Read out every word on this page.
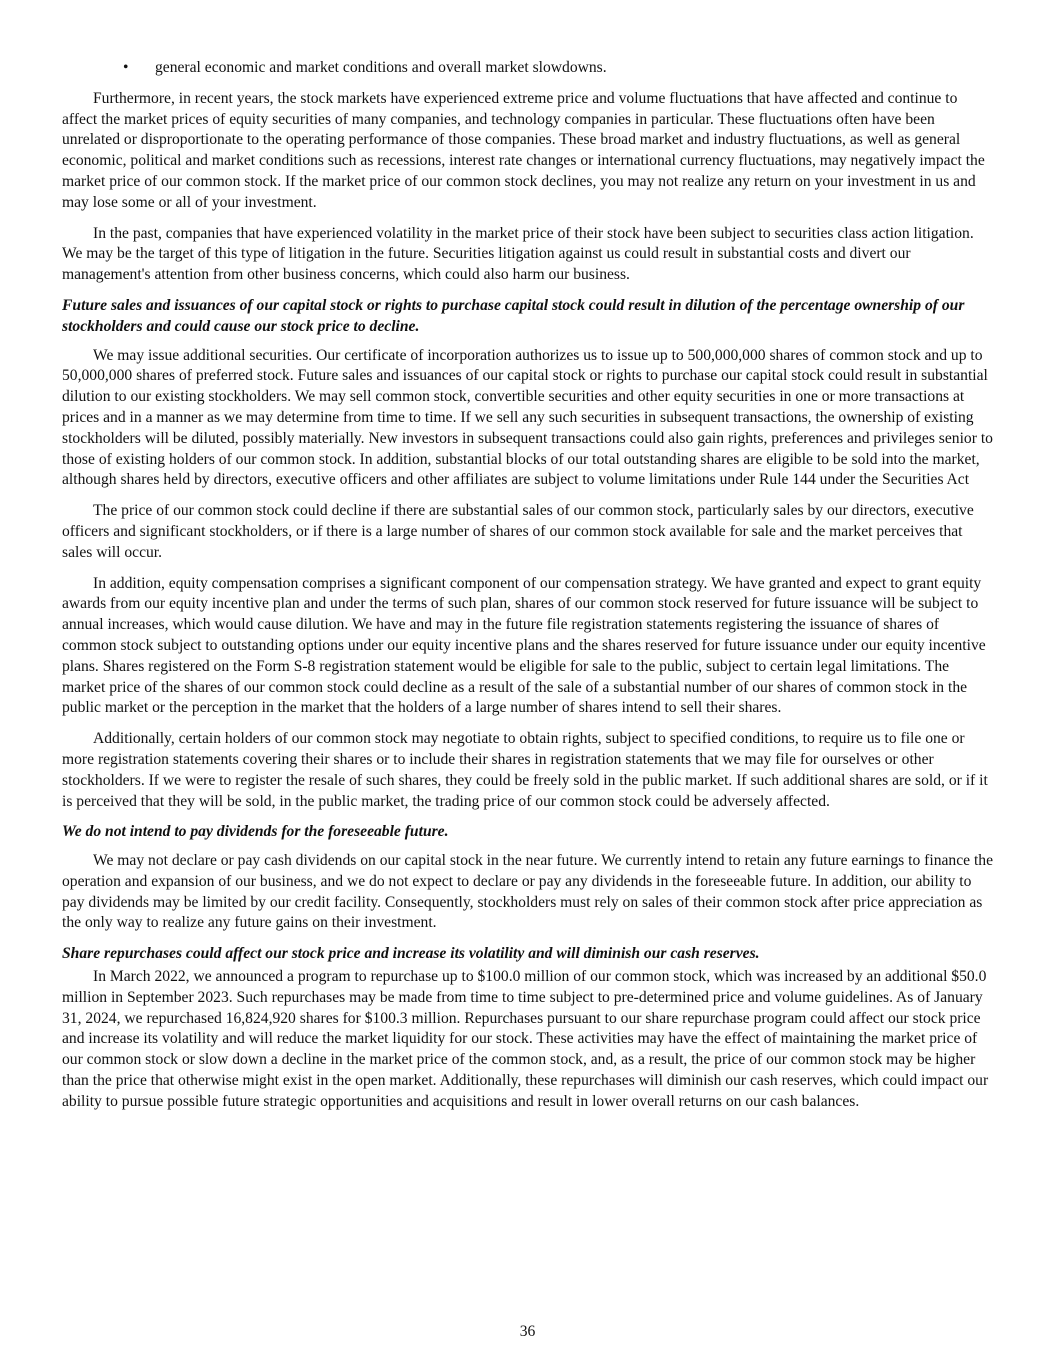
• general economic and market conditions and overall market slowdowns.

Furthermore, in recent years, the stock markets have experienced extreme price and volume fluctuations that have affected and continue to affect the market prices of equity securities of many companies, and technology companies in particular. These fluctuations often have been unrelated or disproportionate to the operating performance of those companies. These broad market and industry fluctuations, as well as general economic, political and market conditions such as recessions, interest rate changes or international currency fluctuations, may negatively impact the market price of our common stock. If the market price of our common stock declines, you may not realize any return on your investment in us and may lose some or all of your investment.

In the past, companies that have experienced volatility in the market price of their stock have been subject to securities class action litigation. We may be the target of this type of litigation in the future. Securities litigation against us could result in substantial costs and divert our management's attention from other business concerns, which could also harm our business.

Future sales and issuances of our capital stock or rights to purchase capital stock could result in dilution of the percentage ownership of our stockholders and could cause our stock price to decline.

We may issue additional securities. Our certificate of incorporation authorizes us to issue up to 500,000,000 shares of common stock and up to 50,000,000 shares of preferred stock. Future sales and issuances of our capital stock or rights to purchase our capital stock could result in substantial dilution to our existing stockholders. We may sell common stock, convertible securities and other equity securities in one or more transactions at prices and in a manner as we may determine from time to time. If we sell any such securities in subsequent transactions, the ownership of existing stockholders will be diluted, possibly materially. New investors in subsequent transactions could also gain rights, preferences and privileges senior to those of existing holders of our common stock. In addition, substantial blocks of our total outstanding shares are eligible to be sold into the market, although shares held by directors, executive officers and other affiliates are subject to volume limitations under Rule 144 under the Securities Act

The price of our common stock could decline if there are substantial sales of our common stock, particularly sales by our directors, executive officers and significant stockholders, or if there is a large number of shares of our common stock available for sale and the market perceives that sales will occur.

In addition, equity compensation comprises a significant component of our compensation strategy. We have granted and expect to grant equity awards from our equity incentive plan and under the terms of such plan, shares of our common stock reserved for future issuance will be subject to annual increases, which would cause dilution. We have and may in the future file registration statements registering the issuance of shares of common stock subject to outstanding options under our equity incentive plans and the shares reserved for future issuance under our equity incentive plans. Shares registered on the Form S-8 registration statement would be eligible for sale to the public, subject to certain legal limitations. The market price of the shares of our common stock could decline as a result of the sale of a substantial number of our shares of common stock in the public market or the perception in the market that the holders of a large number of shares intend to sell their shares.

Additionally, certain holders of our common stock may negotiate to obtain rights, subject to specified conditions, to require us to file one or more registration statements covering their shares or to include their shares in registration statements that we may file for ourselves or other stockholders. If we were to register the resale of such shares, they could be freely sold in the public market. If such additional shares are sold, or if it is perceived that they will be sold, in the public market, the trading price of our common stock could be adversely affected.

We do not intend to pay dividends for the foreseeable future.

We may not declare or pay cash dividends on our capital stock in the near future. We currently intend to retain any future earnings to finance the operation and expansion of our business, and we do not expect to declare or pay any dividends in the foreseeable future. In addition, our ability to pay dividends may be limited by our credit facility. Consequently, stockholders must rely on sales of their common stock after price appreciation as the only way to realize any future gains on their investment.

Share repurchases could affect our stock price and increase its volatility and will diminish our cash reserves.

In March 2022, we announced a program to repurchase up to $100.0 million of our common stock, which was increased by an additional $50.0 million in September 2023. Such repurchases may be made from time to time subject to pre-determined price and volume guidelines. As of January 31, 2024, we repurchased 16,824,920 shares for $100.3 million. Repurchases pursuant to our share repurchase program could affect our stock price and increase its volatility and will reduce the market liquidity for our stock. These activities may have the effect of maintaining the market price of our common stock or slow down a decline in the market price of the common stock, and, as a result, the price of our common stock may be higher than the price that otherwise might exist in the open market. Additionally, these repurchases will diminish our cash reserves, which could impact our ability to pursue possible future strategic opportunities and acquisitions and result in lower overall returns on our cash balances.

36
